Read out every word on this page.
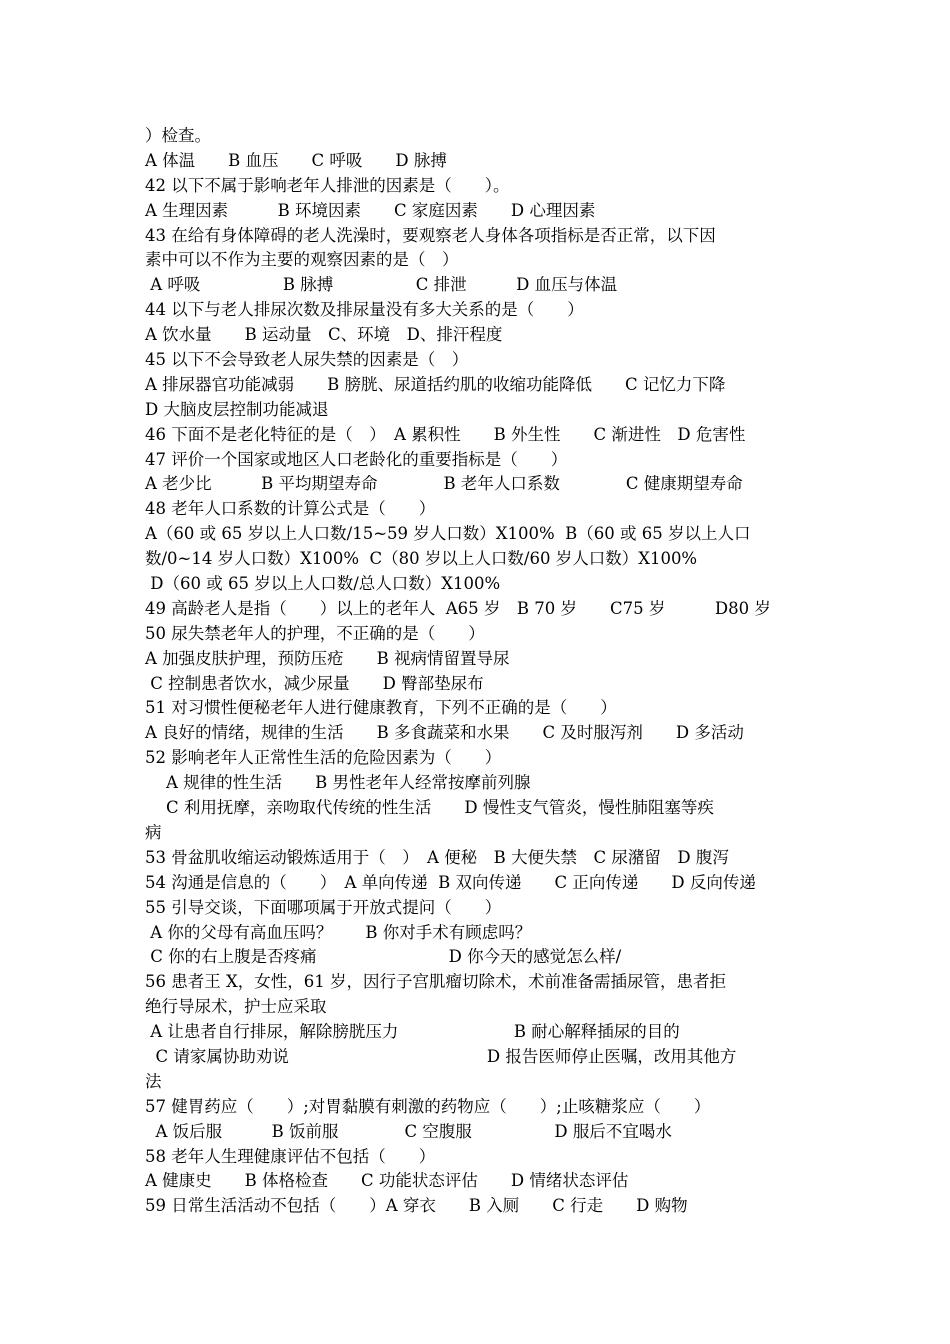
）检查。
A 体温　　B 血压　　C 呼吸　　D 脉搏
42 以下不属于影响老年人排泄的因素是（　　）。
A 生理因素　　　B 环境因素　　C 家庭因素　　D 心理因素
43 在给有身体障碍的老人洗澡时，要观察老人身体各项指标是否正常，以下因
素中可以不作为主要的观察因素的是（　）
A 呼吸　　　　　B 脉搏　　　　　C 排泄　　　D 血压与体温
44 以下与老人排尿次数及排尿量没有多大关系的是（　　）
A 饮水量　　B 运动量　C、环境　D、排汗程度
45 以下不会导致老人尿失禁的因素是（　）
A 排尿器官功能减弱　　B 膀胱、尿道括约肌的收缩功能降低　　C 记忆力下降
D 大脑皮层控制功能减退
46 下面不是老化特征的是（　）　A 累积性　　B 外生性　　C 渐进性　D 危害性
47 评价一个国家或地区人口老龄化的重要指标是（　　）
A 老少比　　　B 平均期望寿命　　　　B 老年人口系数　　　　C 健康期望寿命
48 老年人口系数的计算公式是（　　）
A（60 或 65 岁以上人口数/15~59 岁人口数）X100%  B（60 或 65 岁以上人口
数/0~14 岁人口数）X100%  C（80 岁以上人口数/60 岁人口数）X100%
D（60 或 65 岁以上人口数/总人口数）X100%
49 高龄老人是指（　　）以上的老年人  A65 岁　B 70 岁　　C75 岁　　　D80 岁
50 尿失禁老年人的护理，不正确的是（　　）
A 加强皮肤护理，预防压疮　　B 视病情留置导尿
C 控制患者饮水，减少尿量　　D 臀部垫尿布
51 对习惯性便秘老年人进行健康教育，下列不正确的是（　　）
A 良好的情绪，规律的生活　　B 多食蔬菜和水果　　C 及时服泻剂　　D 多活动
52 影响老年人正常性生活的危险因素为（　　）
A 规律的性生活　　B 男性老年人经常按摩前列腺
C 利用抚摩，亲吻取代传统的性生活　　D 慢性支气管炎，慢性肺阻塞等疾
病
53 骨盆肌收缩运动锻炼适用于（　）　A 便秘　B 大便失禁　C 尿潴留　D 腹泻
54 沟通是信息的（　　）　A 单向传递  B 双向传递　　C 正向传递　　D 反向传递
55 引导交谈，下面哪项属于开放式提问（　　）
A 你的父母有高血压吗？　　B 你对手术有顾虑吗？
C 你的右上腹是否疼痛　　　　　　　　D 你今天的感觉怎么样/
56 患者王 X，女性，61 岁，因行子宫肌瘤切除术，术前准备需插尿管，患者拒
绝行导尿术，护士应采取
A 让患者自行排尿，解除膀胱压力　　　　　　　B 耐心解释插尿的目的
C 请家属协助劝说　　　　　　　　　　　　D 报告医师停止医嘱，改用其他方
法
57 健胃药应（　　）;对胃黏膜有刺激的药物应（　　）;止咳糖浆应（　　）
A 饭后服　　　B 饭前服　　　　C 空腹服　　　　　D 服后不宜喝水
58 老年人生理健康评估不包括（　　）
A 健康史　　B 体格检查　　C 功能状态评估　　D 情绪状态评估
59 日常生活活动不包括（　　）A 穿衣　　B 入厕　　C 行走　　D 购物
